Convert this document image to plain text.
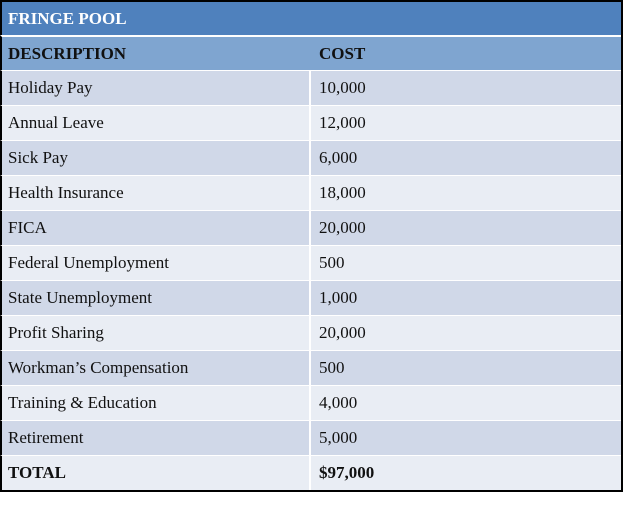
FRINGE POOL
DESCRIPTION	COST
Holiday Pay	10,000
Annual Leave	12,000
Sick Pay	6,000
Health Insurance	18,000
FICA	20,000
Federal Unemployment	500
State Unemployment	1,000
Profit Sharing	20,000
Workman’s Compensation	500
Training & Education	4,000
Retirement	5,000
TOTAL	$97,000
